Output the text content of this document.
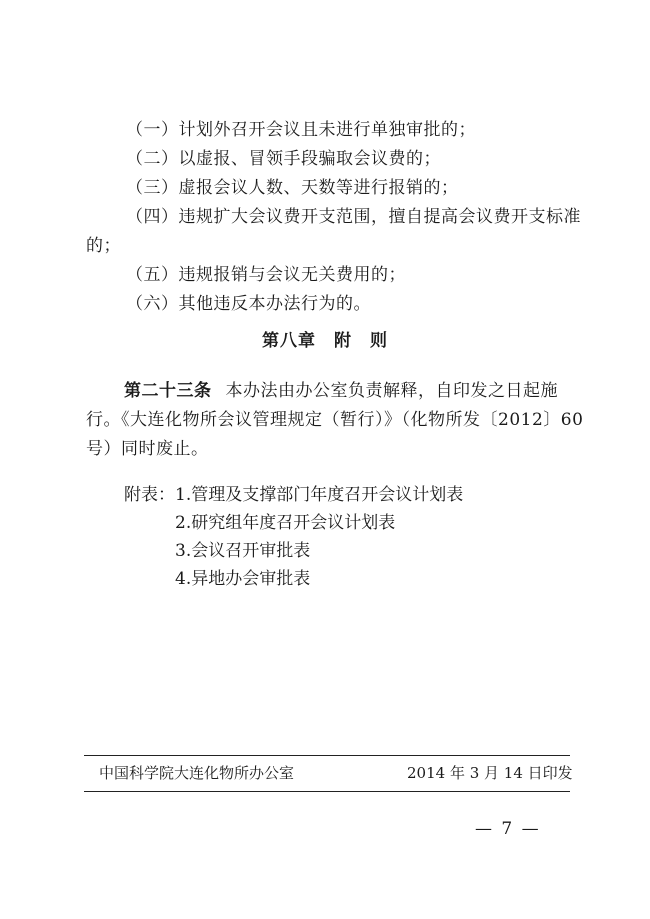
（一）计划外召开会议且未进行单独审批的；
（二）以虚报、冒领手段骗取会议费的；
（三）虚报会议人数、天数等进行报销的；
（四）违规扩大会议费开支范围，擅自提高会议费开支标准
的；
（五）违规报销与会议无关费用的；
（六）其他违反本办法行为的。
第八章　附　则
第二十三条 本办法由办公室负责解释，自印发之日起施
行。《大连化物所会议管理规定（暂行）》（化物所发〔2012〕60
号）同时废止。
附表： 1.管理及支撑部门年度召开会议计划表
2.研究组年度召开会议计划表
3.会议召开审批表
4.异地办会审批表
中国科学院大连化物所办公室	2014 年 3 月 14 日印发
— 7 —
